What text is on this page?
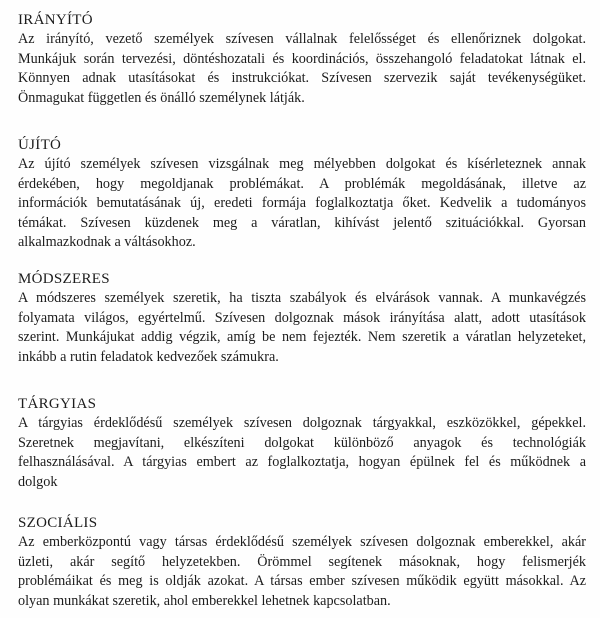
IRÁNYÍTÓ
Az irányító, vezető személyek szívesen vállalnak felelősséget és ellenőriznek dolgokat.
Munkájuk során tervezési, döntéshozatali és koordinációs, összehangoló feladatokat látnak el.
Könnyen adnak utasításokat és instrukciókat. Szívesen szervezik saját tevékenységüket.
Önmagukat független és önálló személynek látják.
ÚJÍTÓ
Az újító személyek szívesen vizsgálnak meg mélyebben dolgokat és kísérleteznek annak
érdekében, hogy megoldjanak problémákat. A problémák megoldásának, illetve az
információk bemutatásának új, eredeti formája foglalkoztatja őket. Kedvelik a tudományos
témákat. Szívesen küzdenek meg a váratlan, kihívást jelentő szituációkkal. Gyorsan
alkalmazkodnak a váltásokhoz.
MÓDSZERES
A módszeres személyek szeretik, ha tiszta szabályok és elvárások vannak. A munkavégzés
folyamata világos, egyértelmű. Szívesen dolgoznak mások irányítása alatt, adott utasítások
szerint. Munkájukat addig végzik, amíg be nem fejezték. Nem szeretik a váratlan helyzeteket,
inkább a rutin feladatok kedvezőek számukra.
TÁRGYIAS
A tárgyias érdeklődésű személyek szívesen dolgoznak tárgyakkal, eszközökkel, gépekkel.
Szeretnek megjavítani, elkészíteni dolgokat különböző anyagok és technológiák
felhasználásával. A tárgyias embert az foglalkoztatja, hogyan épülnek fel és működnek a
dolgok
SZOCIÁLIS
Az emberközpontú vagy társas érdeklődésű személyek szívesen dolgoznak emberekkel, akár
üzleti, akár segítő helyzetekben. Örömmel segítenek másoknak, hogy felismerjék
problémáikat és meg is oldják azokat. A társas ember szívesen működik együtt másokkal. Az
olyan munkákat szeretik, ahol emberekkel lehetnek kapcsolatban.
